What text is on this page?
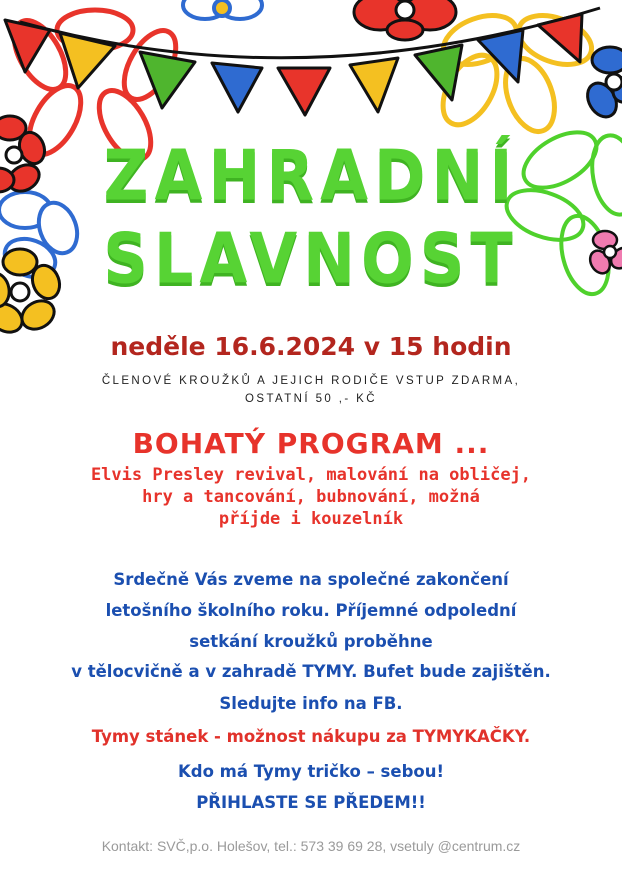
ZAHRADNÍ
SLAVNOST
neděle 16.6.2024 v 15 hodin
ČLENOVÉ KROUŽKŮ A JEJICH RODIČE VSTUP ZDARMA,
OSTATNÍ 50 ,- KČ
BOHATÝ PROGRAM ...
Elvis Presley revival, malování na obličej,
hry a tancování, bubnování, možná
příjde i kouzelník
Srdečně Vás zveme na společné zakončení
letošního školního roku. Příjemné odpolední
setkání kroužků proběhne
v tělocvičně a v zahradě TYMY. Bufet bude zajištěn.
Sledujte info na FB.
Tymy stánek - možnost nákupu za TYMYKAČKY.
Kdo má Tymy tričko – sebou!
PŘIHLASTE SE PŘEDEM!!
Kontakt: SVČ,p.o. Holešov, tel.: 573 39 69 28, vsetuly @centrum.cz
